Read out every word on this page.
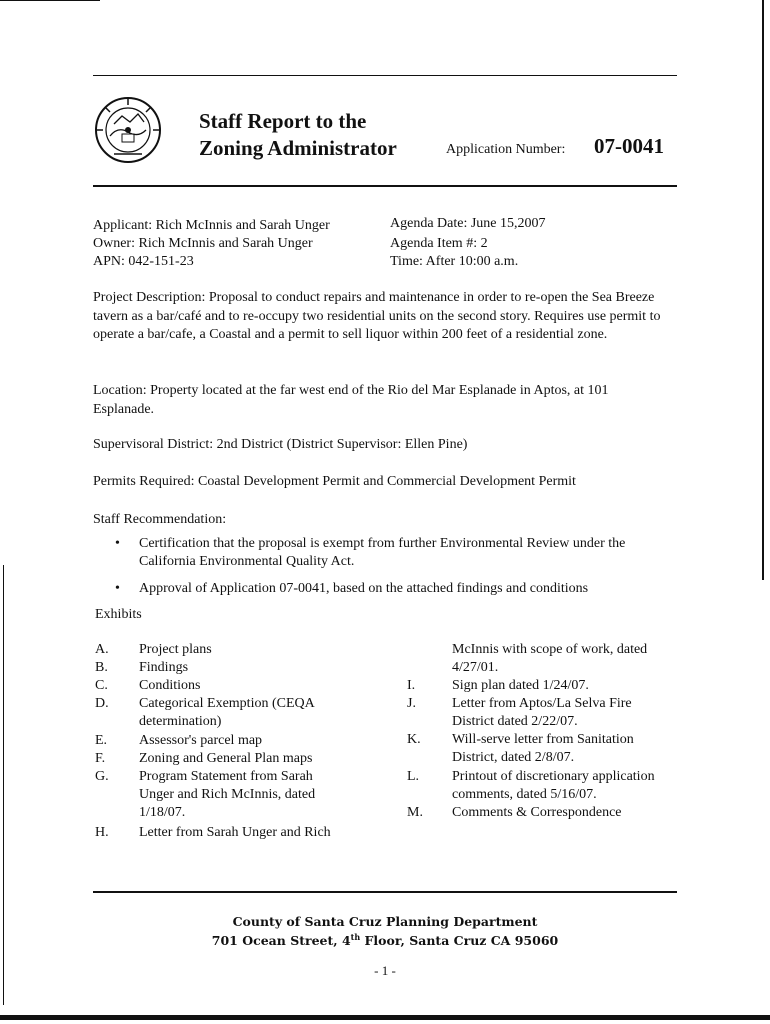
Staff Report to the
Zoning Administrator	Application Number: 07-0041
Applicant: Rich McInnis and Sarah Unger
Owner: Rich McInnis and Sarah Unger
APN: 042-151-23
Agenda Date: June 15,2007
Agenda Item #: 2
Time: After 10:00 a.m.
Project Description: Proposal to conduct repairs and maintenance in order to re-open the Sea Breeze tavern as a bar/café and to re-occupy two residential units on the second story. Requires use permit to operate a bar/cafe, a Coastal and a permit to sell liquor within 200 feet of a residential zone.
Location: Property located at the far west end of the Rio del Mar Esplanade in Aptos, at 101 Esplanade.
Supervisoral District: 2nd District (District Supervisor: Ellen Pine)
Permits Required: Coastal Development Permit and Commercial Development Permit
Staff Recommendation:
• Certification that the proposal is exempt from further Environmental Review under the California Environmental Quality Act.
• Approval of Application 07-0041, based on the attached findings and conditions
Exhibits
A. Project plans
B. Findings
C. Conditions
D. Categorical Exemption (CEQA determination)
E. Assessor's parcel map
F. Zoning and General Plan maps
G. Program Statement from Sarah Unger and Rich McInnis, dated 1/18/07.
H. Letter from Sarah Unger and Rich
McInnis with scope of work, dated 4/27/01.
I.	Sign plan dated 1/24/07.
J.	Letter from Aptos/La Selva Fire District dated 2/22/07.
K. Will-serve letter from Sanitation District, dated 2/8/07.
L. Printout of discretionary application comments, dated 5/16/07.
M. Comments & Correspondence
County of Santa Cruz Planning Department
701 Ocean Street, 4th Floor, Santa Cruz CA 95060
- 1 -
